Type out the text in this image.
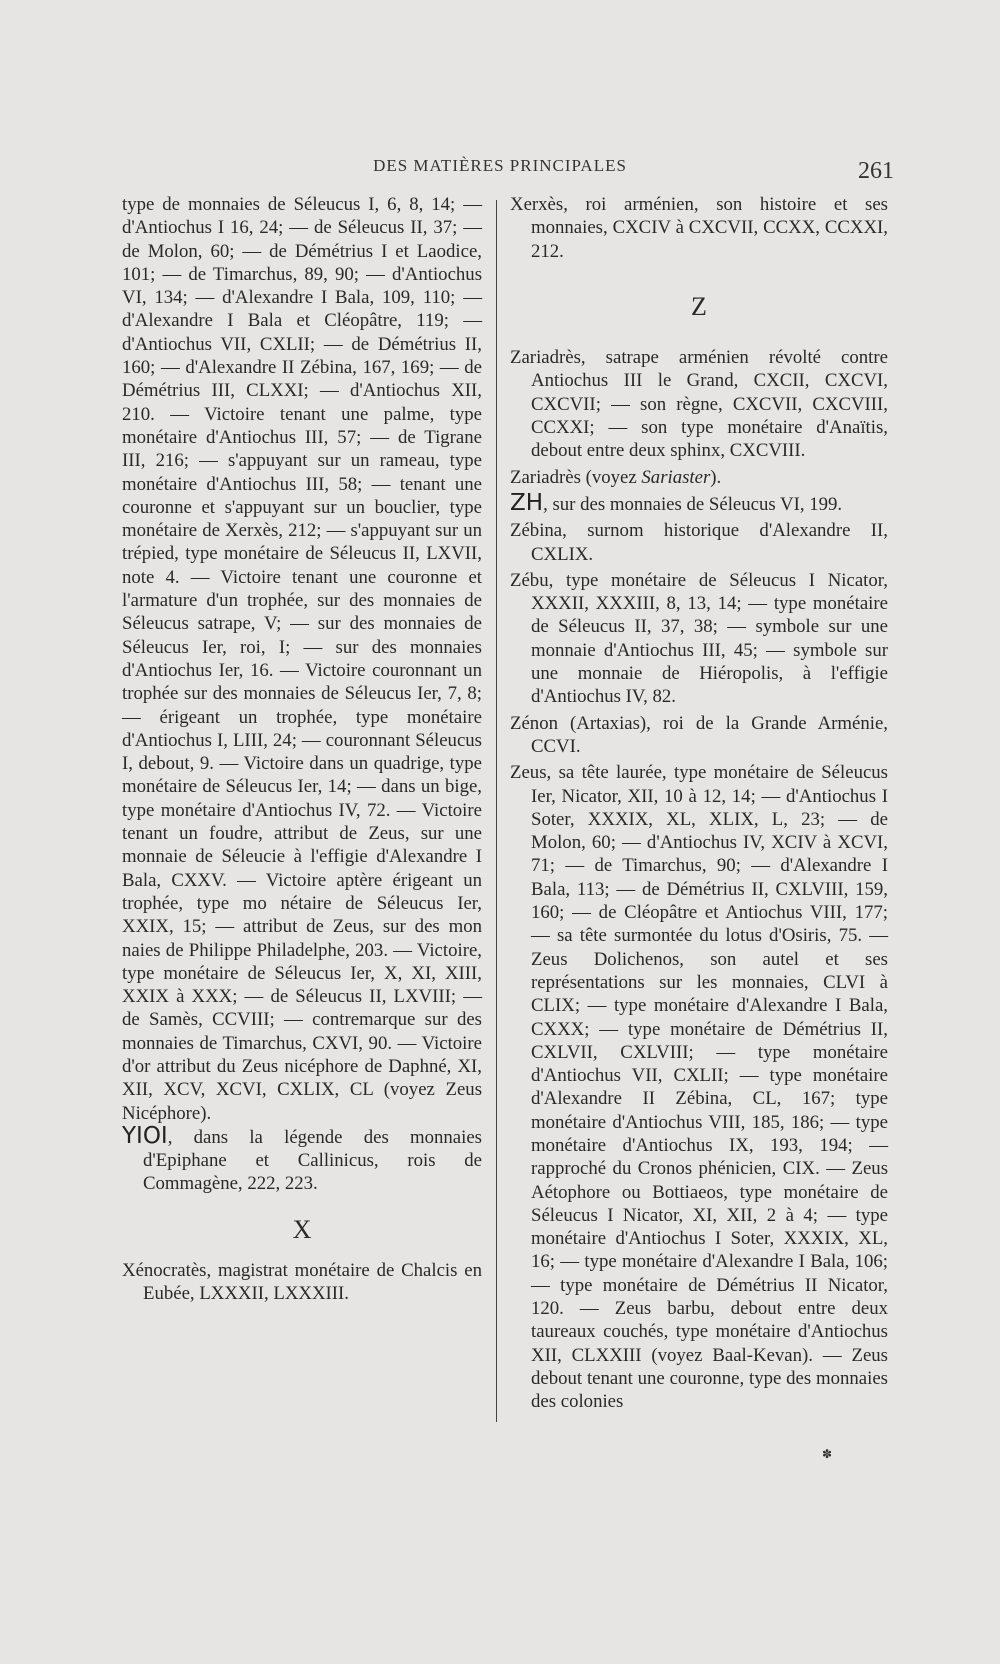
DES MATIÈRES PRINCIPALES	261

type de monnaies de Séleucus I, 6, 8, 14; — d'Antiochus I 16, 24; — de Séleucus II, 37; — de Molon, 60; — de Démétrius I et Laodice, 101; — de Timarchus, 89, 90; — d'Antiochus VI, 134; — d'Alexandre I Bala, 109, 110; — d'Alexandre I Bala et Cléopâtre, 119; — d'Antiochus VII, CXLII; — de Démétrius II, 160; — d'Alexandre II Zébina, 167, 169; — de Démétrius III, CLXXI; — d'Antiochus XII, 210. — Victoire tenant une palme, type monétaire d'Antiochus III, 57; — de Tigrane III, 216; — s'appuyant sur un rameau, type monétaire d'Antiochus III, 58; — tenant une couronne et s'appuyant sur un bouclier, type monétaire de Xerxès, 212; — s'appuyant sur un trépied, type monétaire de Séleucus II, LXVII, note 4. — Victoire tenant une couronne et l'armature d'un trophée, sur des monnaies de Séleucus satrape, V; — sur des monnaies de Séleucus Ier, roi, I; — sur des monnaies d'Antiochus Ier, 16. — Victoire couronnant un trophée sur des monnaies de Séleucus Ier, 7, 8; — érigeant un trophée, type monétaire d'Antiochus I, LIII, 24; — couronnant Séleucus I, debout, 9. — Victoire dans un quadrige, type monétaire de Séleucus Ier, 14; — dans un bige, type monétaire d'Antiochus IV, 72. — Victoire tenant un foudre, attribut de Zeus, sur une monnaie de Séleucie à l'effigie d'Alexandre I Bala, CXXV. — Victoire aptère érigeant un trophée, type mo nétaire de Séleucus Ier, XXIX, 15; — attribut de Zeus, sur des mon naies de Philippe Philadelphe, 203. — Victoire, type monétaire de Séleucus Ier, X, XI, XIII, XXIX à XXX; — de Séleucus II, LXVIII; — de Samès, CCVIII; — contremarque sur des monnaies de Timarchus, CXVI, 90. — Victoire d'or attribut du Zeus nicéphore de Daphné, XI, XII, XCV, XCVI, CXLIX, CL (voyez Zeus Nicéphore).

ΥΙΟΙ, dans la légende des monnaies d'Epiphane et Callinicus, rois de Commagène, 222, 223.

X

Xénocratès, magistrat monétaire de Chalcis en Eubée, LXXXII, LXXXIII.

Xerxès, roi arménien, son histoire et ses monnaies, CXCIV à CXCVII, CCXX, CCXXI, 212.

Z

Zariadrès, satrape arménien révolté contre Antiochus III le Grand, CXCII, CXCVI, CXCVII; — son règne, CXCVII, CXCVIII, CCXXI; — son type monétaire d'Anaïtis, debout entre deux sphinx, CXCVIII.

Zariadrès (voyez Sariaster).

ZH, sur des monnaies de Séleucus VI, 199.

Zébina, surnom historique d'Alexandre II, CXLIX.

Zébu, type monétaire de Séleucus I Nicator, XXXII, XXXIII, 8, 13, 14; — type monétaire de Séleucus II, 37, 38; — symbole sur une monnaie d'Antiochus III, 45; — symbole sur une monnaie de Hiéropolis, à l'effigie d'Antiochus IV, 82.

Zénon (Artaxias), roi de la Grande Arménie, CCVI.

Zeus, sa tête laurée, type monétaire de Séleucus Ier, Nicator, XII, 10 à 12, 14; — d'Antiochus I Soter, XXXIX, XL, XLIX, L, 23; — de Molon, 60; — d'Antiochus IV, XCIV à XCVI, 71; — de Timarchus, 90; — d'Alexandre I Bala, 113; — de Démétrius II, CXLVIII, 159, 160; — de Cléopâtre et Antiochus VIII, 177; — sa tête surmontée du lotus d'Osiris, 75. — Zeus Dolichenos, son autel et ses représentations sur les monnaies, CLVI à CLIX; — type monétaire d'Alexandre I Bala, CXXX; — type monétaire de Démétrius II, CXLVII, CXLVIII; — type monétaire d'Antiochus VII, CXLII; — type monétaire d'Alexandre II Zébina, CL, 167; type monétaire d'Antiochus VIII, 185, 186; — type monétaire d'Antiochus IX, 193, 194; — rapproché du Cronos phénicien, CIX. — Zeus Aétophore ou Bottiaeos, type monétaire de Séleucus I Nicator, XI, XII, 2 à 4; — type monétaire d'Antiochus I Soter, XXXIX, XL, 16; — type monétaire d'Alexandre I Bala, 106; — type monétaire de Démétrius II Nicator, 120. — Zeus barbu, debout entre deux taureaux couchés, type monétaire d'Antiochus XII, CLXXIII (voyez Baal-Kevan). — Zeus debout tenant une couronne, type des monnaies des colonies

✽
